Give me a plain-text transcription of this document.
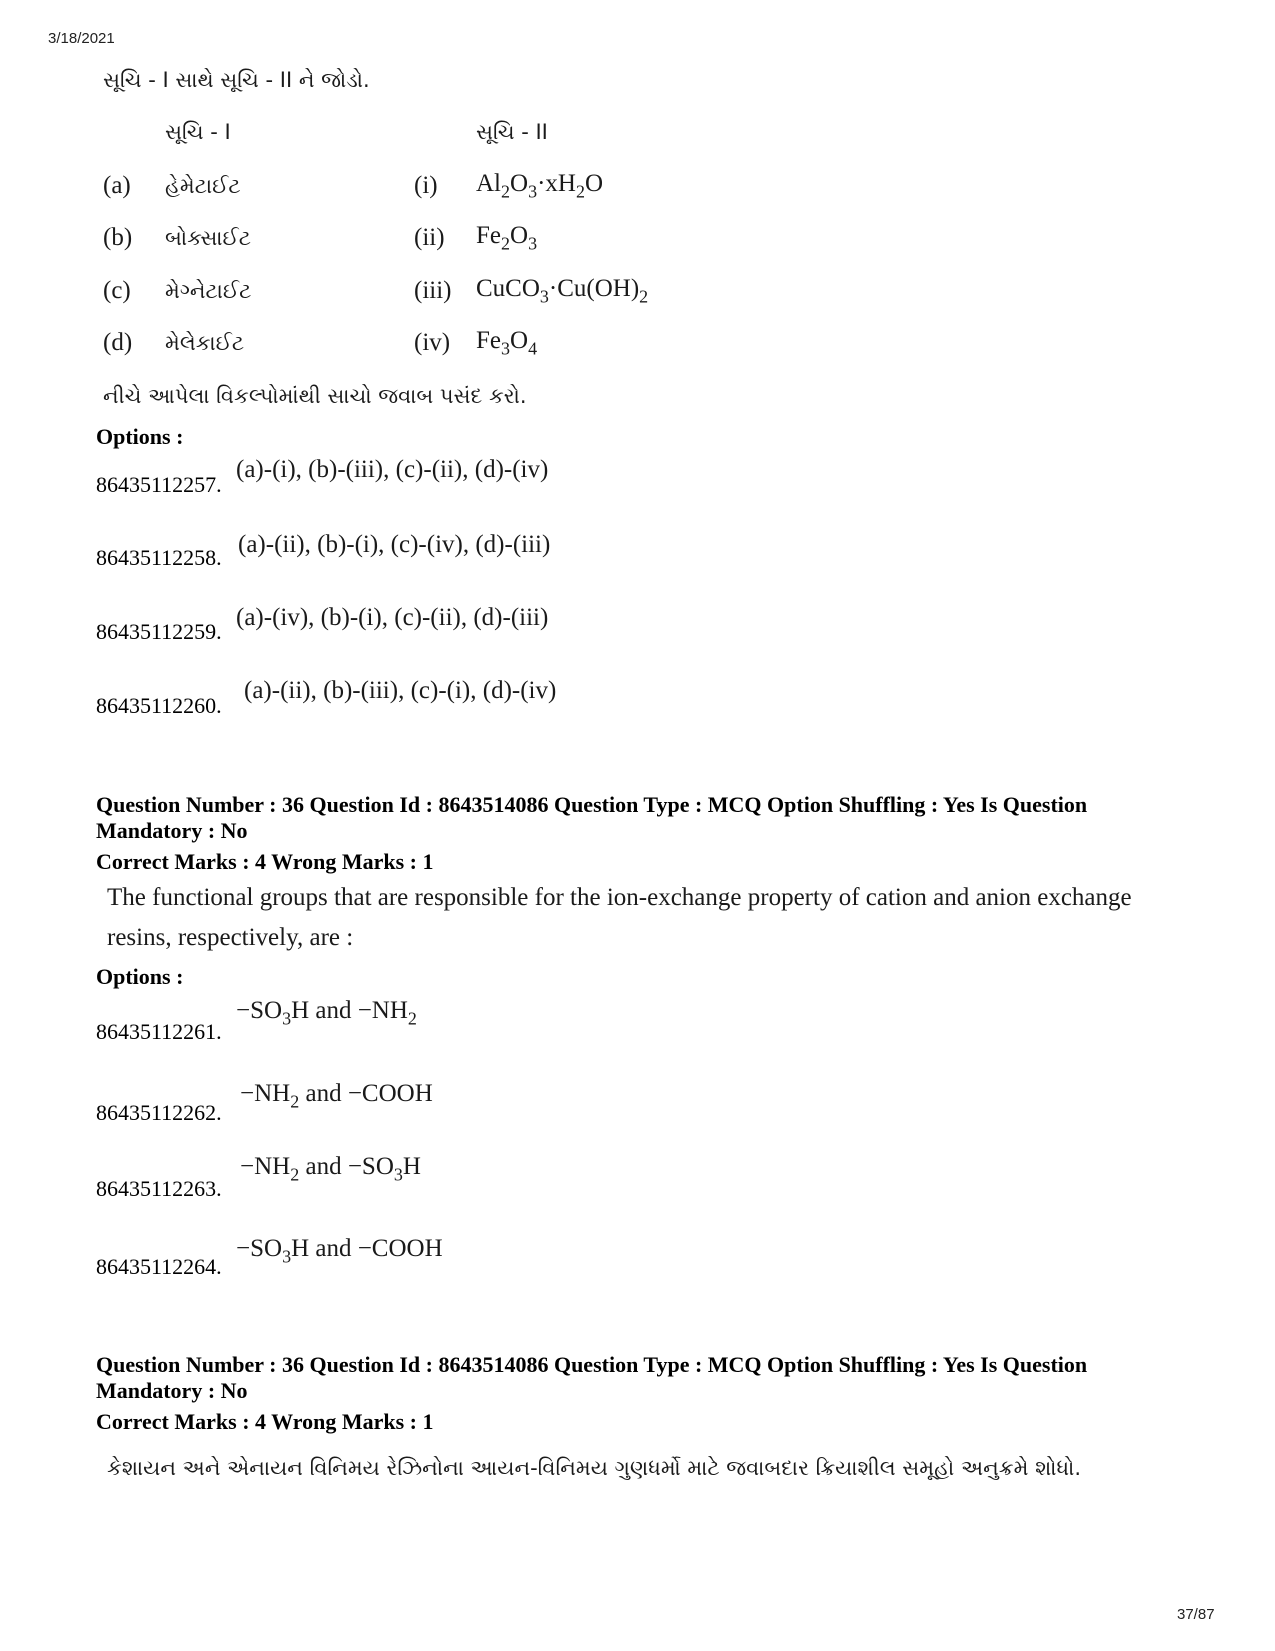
3/18/2021
સૂચિ - I સાથે સૂચિ - II ને જોડો.
સૂચિ - I	સૂચિ - II
(a) હેમેટાઈટ	(i) $Al_2O_3\cdot xH_2O$
(b) બોક્સાઈટ	(ii) $Fe_2O_3$
(c) મેગ્નેટાઈટ	(iii) $CuCO_3\cdot Cu(OH)_2$
(d) મેલેકાઈટ	(iv) $Fe_3O_4$
નીચે આપેલા વિકલ્પોમાંથી સાચો જવાબ પસંદ કરો.
Options :
86435112257.
(a)-(i), (b)-(iii), (c)-(ii), (d)-(iv)
86435112258. (a)-(ii), (b)-(i), (c)-(iv), (d)-(iii)
86435112259.
(a)-(iv), (b)-(i), (c)-(ii), (d)-(iii)
86435112260.
(a)-(ii), (b)-(iii), (c)-(i), (d)-(iv)
Question Number : 36 Question Id : 8643514086 Question Type : MCQ Option Shuffling : Yes Is Question
Mandatory : No
Correct Marks : 4 Wrong Marks : 1
The functional groups that are responsible for the ion-exchange property of cation and anion exchange resins, respectively, are :
Options :
86435112261.
$-SO_3H$ and $-NH_2$
86435112262.
$-NH_2$ and −COOH
86435112263.
$-NH_2$ and $-SO_3H$
86435112264.
$-SO_3H$ and −COOH
Question Number : 36 Question Id : 8643514086 Question Type : MCQ Option Shuffling : Yes Is Question
Mandatory : No
Correct Marks : 4 Wrong Marks : 1
કેશાયન અને એનાયન વિનિમય રેઝિનોના આયન-વિનિમય ગુણધર્મો માટે જવાબદાર ક્રિયાશીલ સમૂહો અનુક્રમે શોધો.
37/87
